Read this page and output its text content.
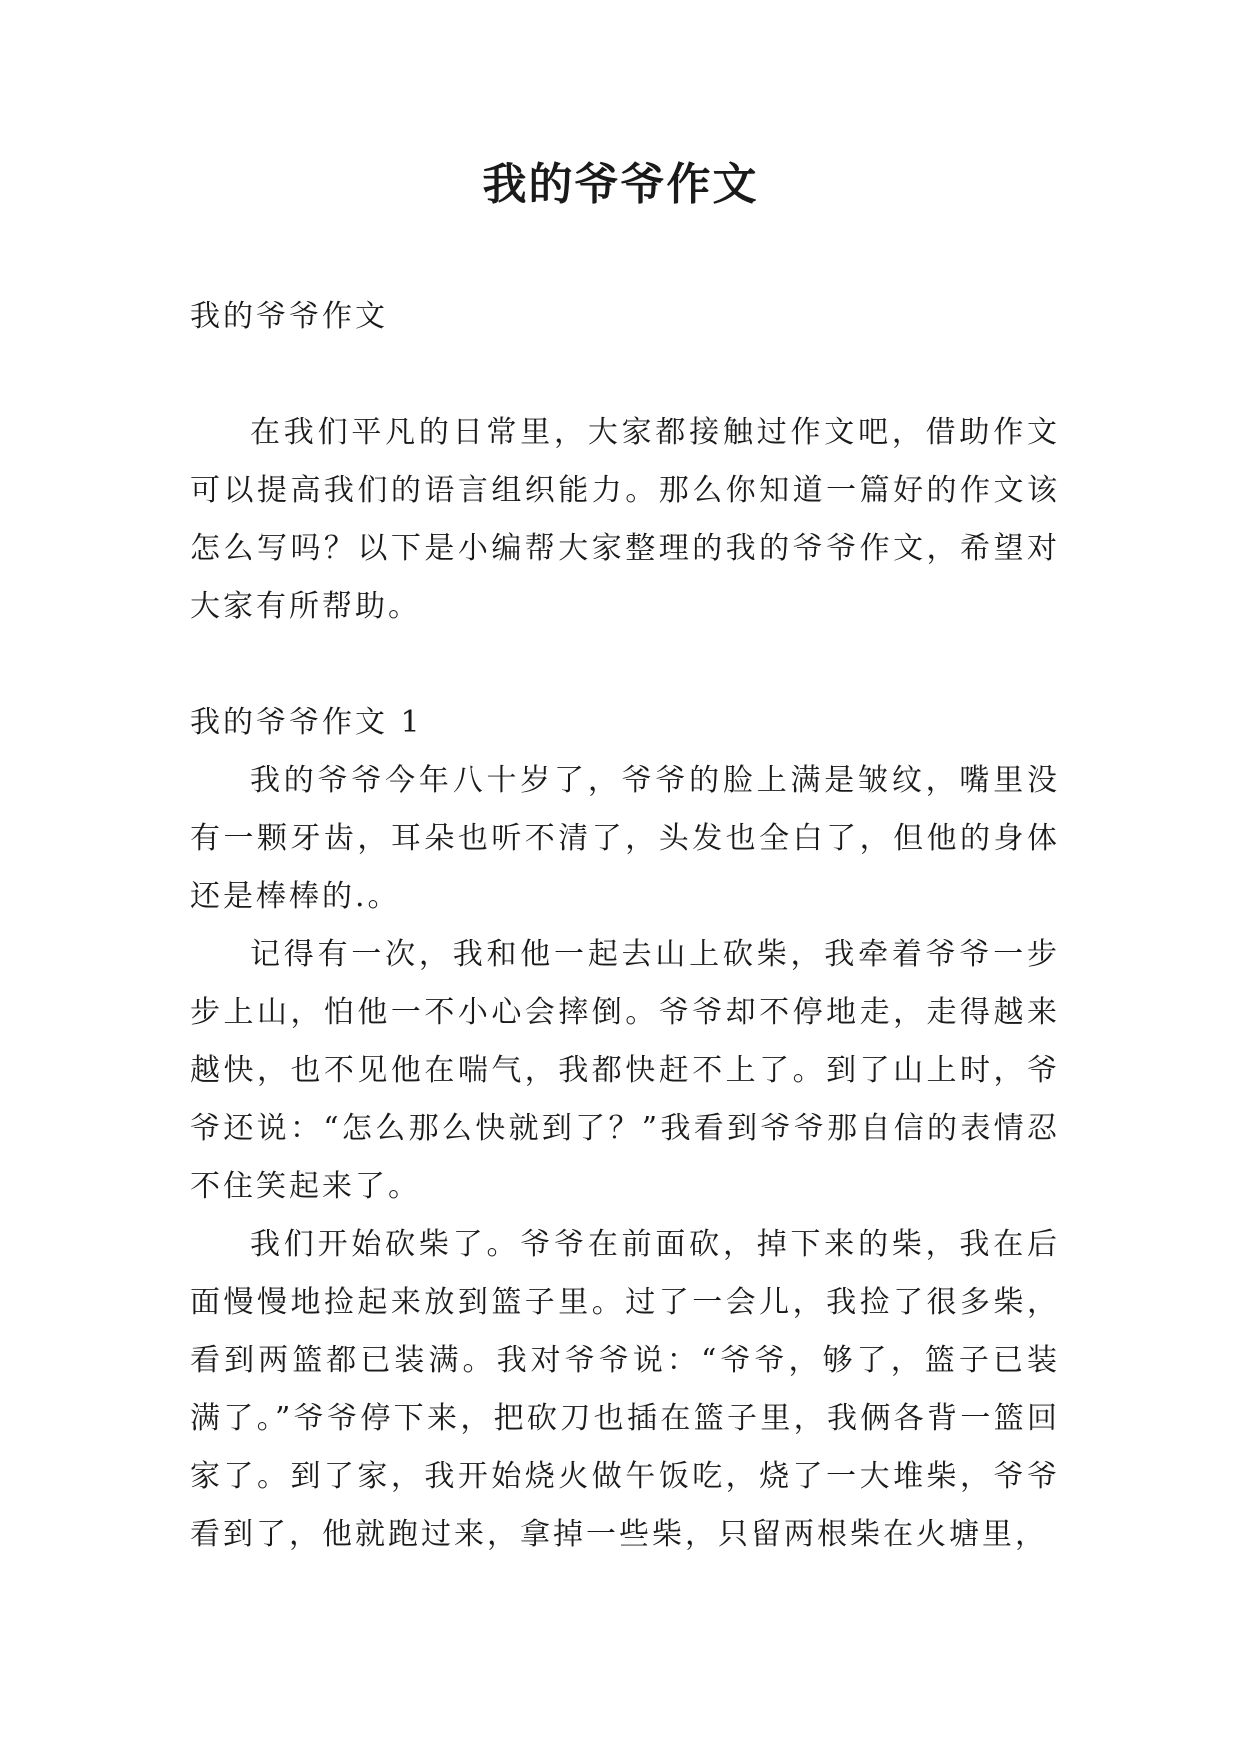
我的爷爷作文

我的爷爷作文

在我们平凡的日常里，大家都接触过作文吧，借助作文可以提高我们的语言组织能力。那么你知道一篇好的作文该怎么写吗？以下是小编帮大家整理的我的爷爷作文，希望对大家有所帮助。

我的爷爷作文 1

我的爷爷今年八十岁了，爷爷的脸上满是皱纹，嘴里没有一颗牙齿，耳朵也听不清了，头发也全白了，但他的身体还是棒棒的.。

记得有一次，我和他一起去山上砍柴，我牵着爷爷一步步上山，怕他一不小心会摔倒。爷爷却不停地走，走得越来越快，也不见他在喘气，我都快赶不上了。到了山上时，爷爷还说：“怎么那么快就到了？”我看到爷爷那自信的表情忍不住笑起来了。

我们开始砍柴了。爷爷在前面砍，掉下来的柴，我在后面慢慢地捡起来放到篮子里。过了一会儿，我捡了很多柴，看到两篮都已装满。我对爷爷说：“爷爷，够了，篮子已装满了。”爷爷停下来，把砍刀也插在篮子里，我俩各背一篮回家了。到了家，我开始烧火做午饭吃，烧了一大堆柴，爷爷看到了，他就跑过来，拿掉一些柴，只留两根柴在火塘里，
